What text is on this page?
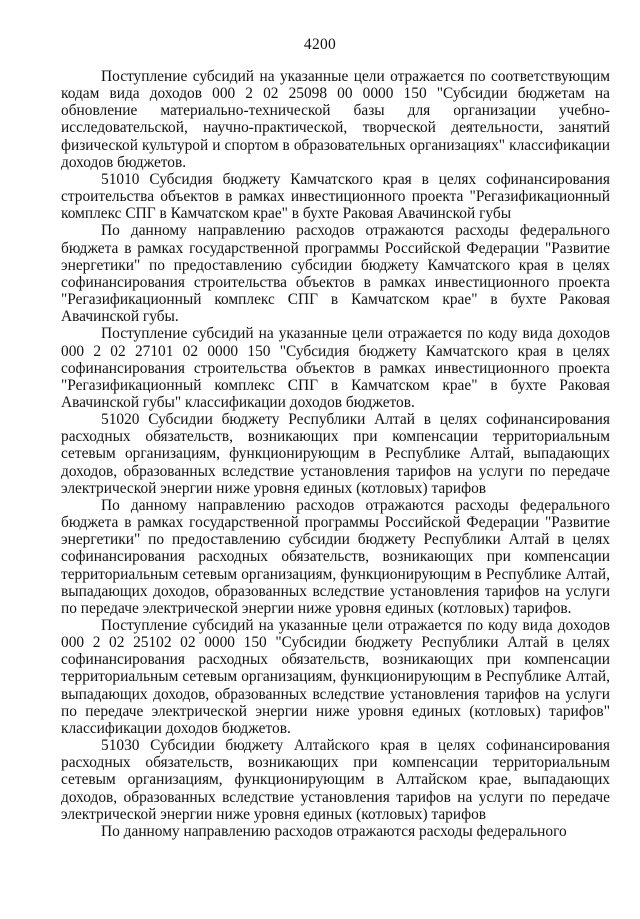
4200

Поступление субсидий на указанные цели отражается по соответствующим кодам вида доходов 000 2 02 25098 00 0000 150 "Субсидии бюджетам на обновление материально-технической базы для организации учебно-исследовательской, научно-практической, творческой деятельности, занятий физической культурой и спортом в образовательных организациях" классификации доходов бюджетов.

51010 Субсидия бюджету Камчатского края в целях софинансирования строительства объектов в рамках инвестиционного проекта "Регазификационный комплекс СПГ в Камчатском крае" в бухте Раковая Авачинской губы

По данному направлению расходов отражаются расходы федерального бюджета в рамках государственной программы Российской Федерации "Развитие энергетики" по предоставлению субсидии бюджету Камчатского края в целях софинансирования строительства объектов в рамках инвестиционного проекта "Регазификационный комплекс СПГ в Камчатском крае" в бухте Раковая Авачинской губы.

Поступление субсидий на указанные цели отражается по коду вида доходов 000 2 02 27101 02 0000 150 "Субсидия бюджету Камчатского края в целях софинансирования строительства объектов в рамках инвестиционного проекта "Регазификационный комплекс СПГ в Камчатском крае" в бухте Раковая Авачинской губы" классификации доходов бюджетов.

51020 Субсидии бюджету Республики Алтай в целях софинансирования расходных обязательств, возникающих при компенсации территориальным сетевым организациям, функционирующим в Республике Алтай, выпадающих доходов, образованных вследствие установления тарифов на услуги по передаче электрической энергии ниже уровня единых (котловых) тарифов

По данному направлению расходов отражаются расходы федерального бюджета в рамках государственной программы Российской Федерации "Развитие энергетики" по предоставлению субсидии бюджету Республики Алтай в целях софинансирования расходных обязательств, возникающих при компенсации территориальным сетевым организациям, функционирующим в Республике Алтай, выпадающих доходов, образованных вследствие установления тарифов на услуги по передаче электрической энергии ниже уровня единых (котловых) тарифов.

Поступление субсидий на указанные цели отражается по коду вида доходов 000 2 02 25102 02 0000 150 "Субсидии бюджету Республики Алтай в целях софинансирования расходных обязательств, возникающих при компенсации территориальным сетевым организациям, функционирующим в Республике Алтай, выпадающих доходов, образованных вследствие установления тарифов на услуги по передаче электрической энергии ниже уровня единых (котловых) тарифов" классификации доходов бюджетов.

51030 Субсидии бюджету Алтайского края в целях софинансирования расходных обязательств, возникающих при компенсации территориальным сетевым организациям, функционирующим в Алтайском крае, выпадающих доходов, образованных вследствие установления тарифов на услуги по передаче электрической энергии ниже уровня единых (котловых) тарифов

По данному направлению расходов отражаются расходы федерального
